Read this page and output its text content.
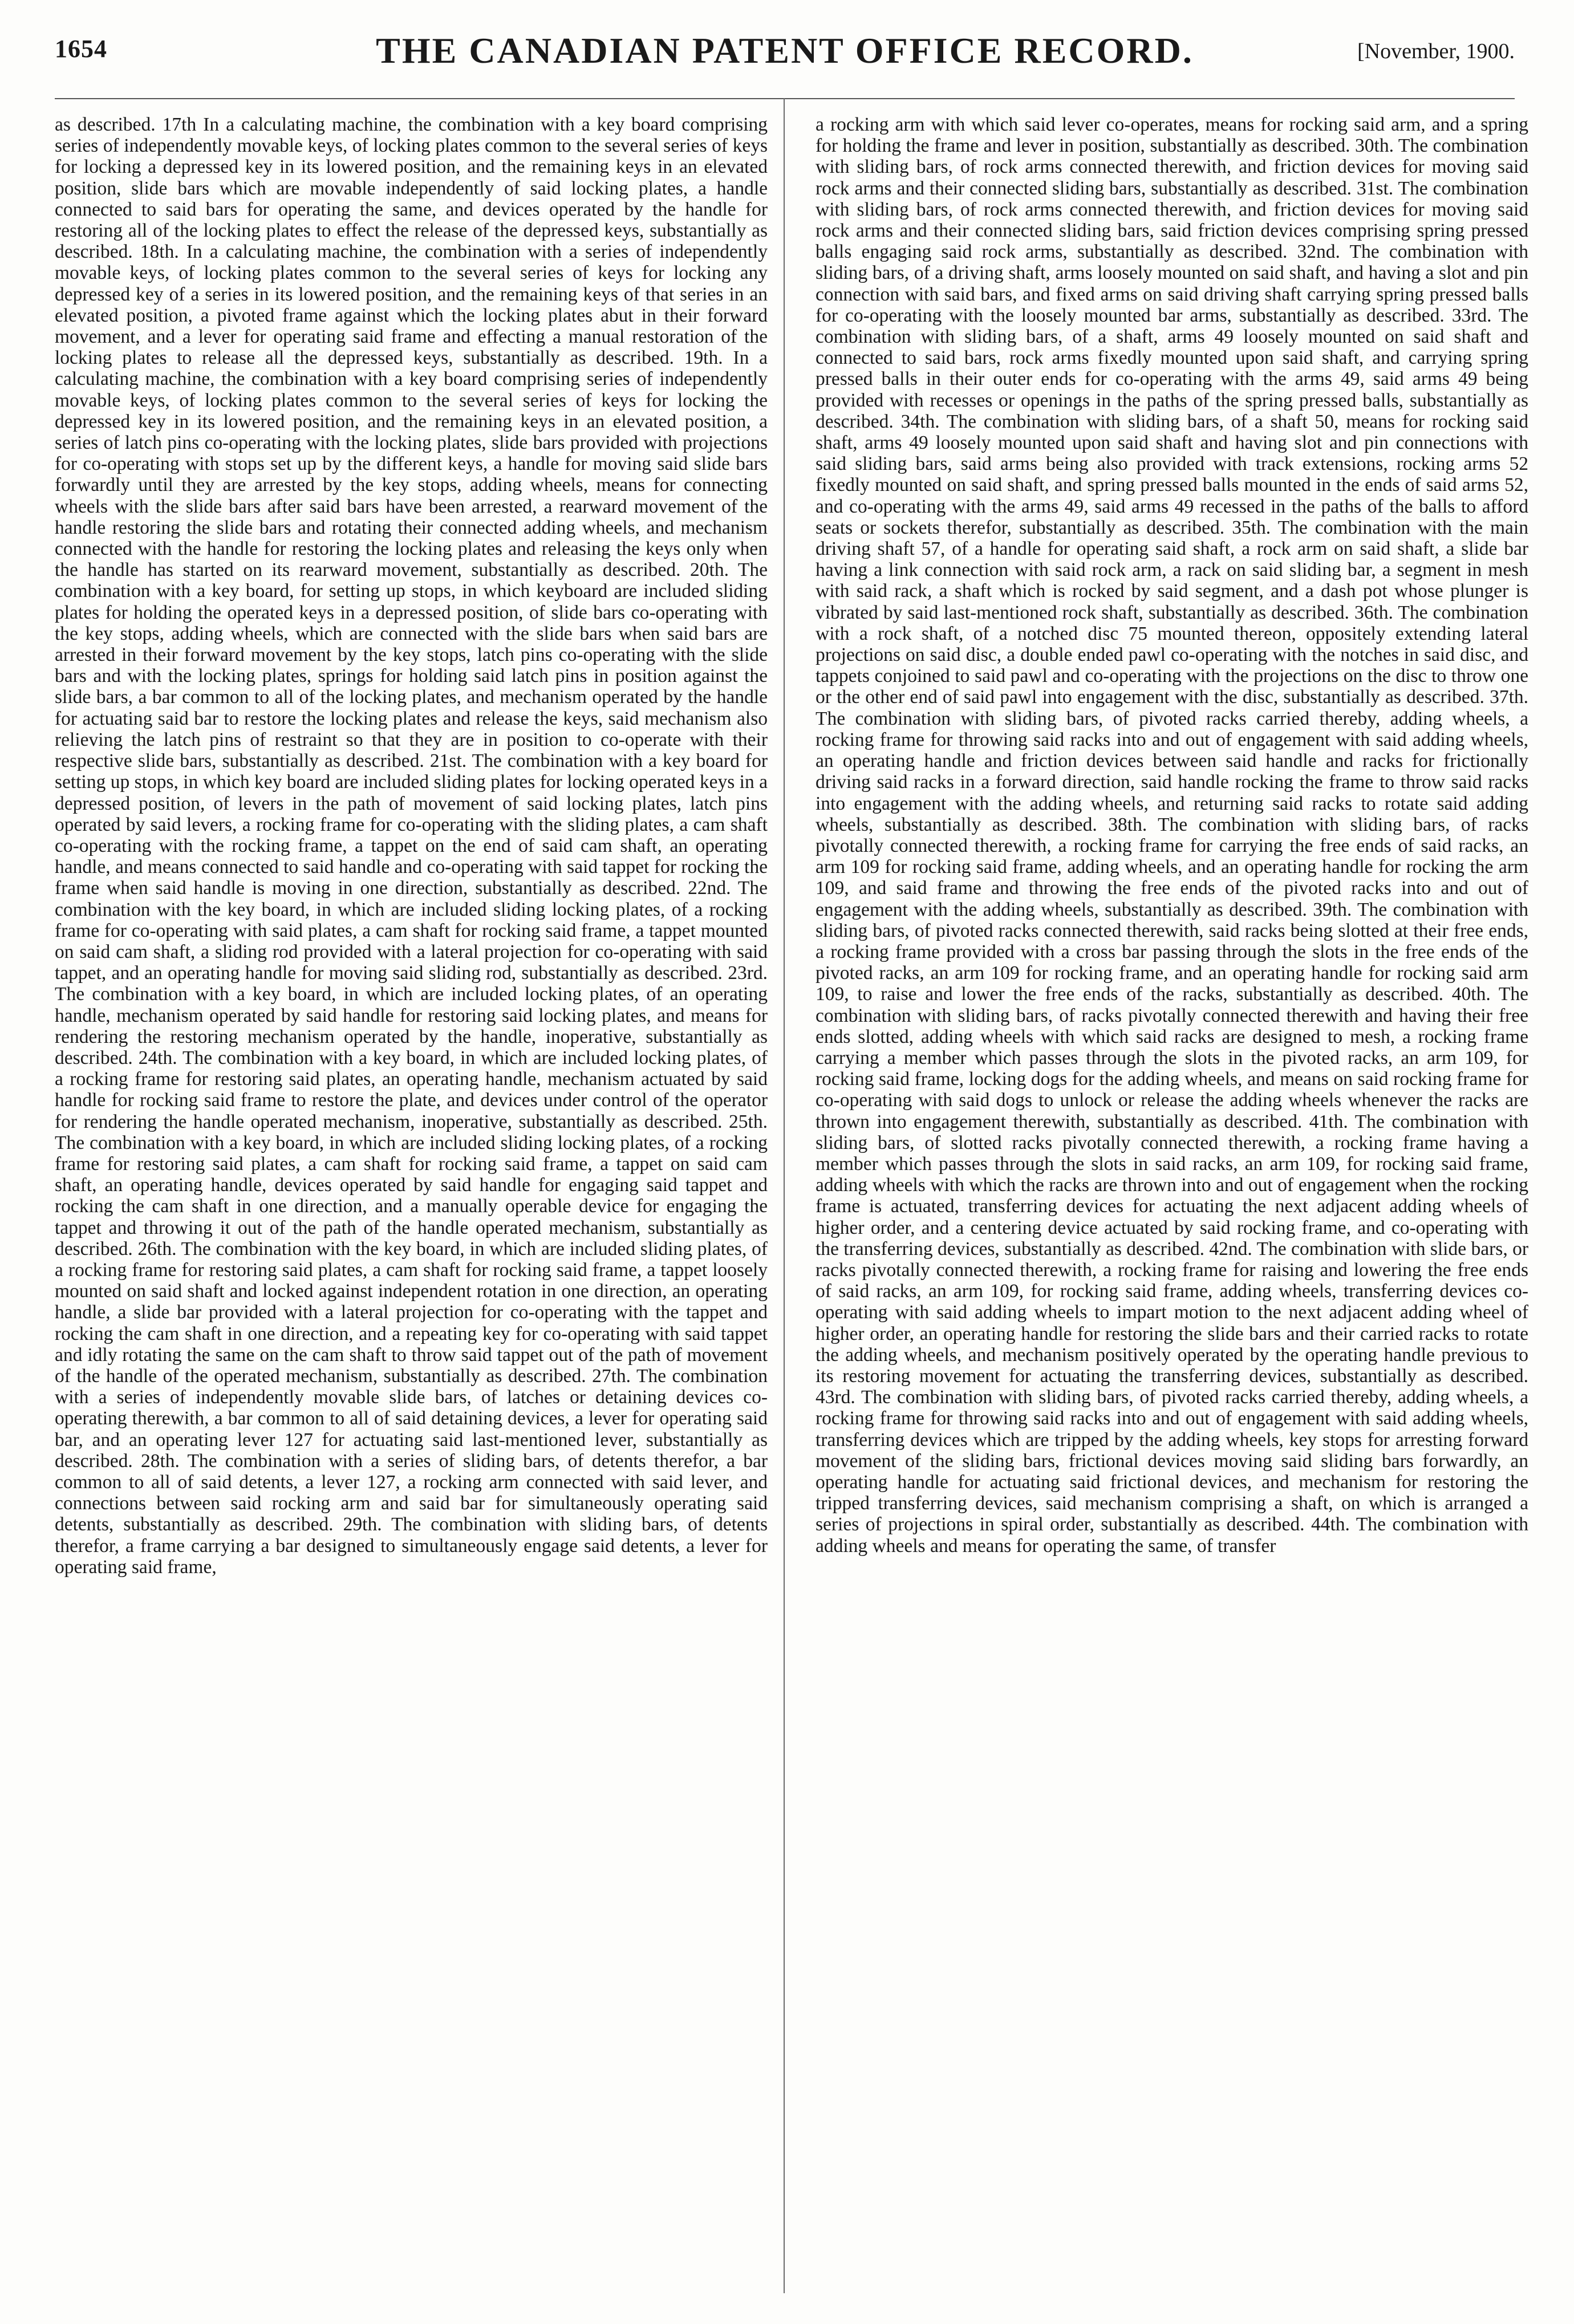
1654	THE CANADIAN PATENT OFFICE RECORD.	[November, 1900.
as described. 17th In a calculating machine, the combination with a key board comprising series of independently movable keys, of locking plates common to the several series of keys for locking a depressed key in its lowered position, and the remaining keys in an elevated position, slide bars which are movable independently of said locking plates, a handle connected to said bars for operating the same, and devices operated by the handle for restoring all of the locking plates to effect the release of the depressed keys, substantially as described. 18th. In a calculating machine, the combination with a series of independently movable keys, of locking plates common to the several series of keys for locking any depressed key of a series in its lowered position, and the remaining keys of that series in an elevated position, a pivoted frame against which the locking plates abut in their forward movement, and a lever for operating said frame and effecting a manual restoration of the locking plates to release all the depressed keys, substantially as described. 19th. In a calculating machine, the combination with a key board comprising series of independently movable keys, of locking plates common to the several series of keys for locking the depressed key in its lowered position, and the remaining keys in an elevated position, a series of latch pins co-operating with the locking plates, slide bars provided with projections for co-operating with stops set up by the different keys, a handle for moving said slide bars forwardly until they are arrested by the key stops, adding wheels, means for connecting wheels with the slide bars after said bars have been arrested, a rearward movement of the handle restoring the slide bars and rotating their connected adding wheels, and mechanism connected with the handle for restoring the locking plates and releasing the keys only when the handle has started on its rearward movement, substantially as described. 20th. The combination with a key board, for setting up stops, in which keyboard are included sliding plates for holding the operated keys in a depressed position, of slide bars co-operating with the key stops, adding wheels, which are connected with the slide bars when said bars are arrested in their forward movement by the key stops, latch pins co-operating with the slide bars and with the locking plates, springs for holding said latch pins in position against the slide bars, a bar common to all of the locking plates, and mechanism operated by the handle for actuating said bar to restore the locking plates and release the keys, said mechanism also relieving the latch pins of restraint so that they are in position to co-operate with their respective slide bars, substantially as described. 21st. The combination with a key board for setting up stops, in which key board are included sliding plates for locking operated keys in a depressed position, of levers in the path of movement of said locking plates, latch pins operated by said levers, a rocking frame for co-operating with the sliding plates, a cam shaft co-operating with the rocking frame, a tappet on the end of said cam shaft, an operating handle, and means connected to said handle and co-operating with said tappet for rocking the frame when said handle is moving in one direction, substantially as described. 22nd. The combination with the key board, in which are included sliding locking plates, of a rocking frame for co-operating with said plates, a cam shaft for rocking said frame, a tappet mounted on said cam shaft, a sliding rod provided with a lateral projection for co-operating with said tappet, and an operating handle for moving said sliding rod, substantially as described. 23rd. The combination with a key board, in which are included locking plates, of an operating handle, mechanism operated by said handle for restoring said locking plates, and means for rendering the restoring mechanism operated by the handle, inoperative, substantially as described. 24th. The combination with a key board, in which are included locking plates, of a rocking frame for restoring said plates, an operating handle, mechanism actuated by said handle for rocking said frame to restore the plate, and devices under control of the operator for rendering the handle operated mechanism, inoperative, substantially as described. 25th. The combination with a key board, in which are included sliding locking plates, of a rocking frame for restoring said plates, a cam shaft for rocking said frame, a tappet on said cam shaft, an operating handle, devices operated by said handle for engaging said tappet and rocking the cam shaft in one direction, and a manually operable device for engaging the tappet and throwing it out of the path of the handle operated mechanism, substantially as described. 26th. The combination with the key board, in which are included sliding plates, of a rocking frame for restoring said plates, a cam shaft for rocking said frame, a tappet loosely mounted on said shaft and locked against independent rotation in one direction, an operating handle, a slide bar provided with a lateral projection for co-operating with the tappet and rocking the cam shaft in one direction, and a repeating key for co-operating with said tappet and idly rotating the same on the cam shaft to throw said tappet out of the path of movement of the handle of the operated mechanism, substantially as described. 27th. The combination with a series of independently movable slide bars, of latches or detaining devices co-operating therewith, a bar common to all of said detaining devices, a lever for operating said bar, and an operating lever 127 for actuating said last-mentioned lever, substantially as described. 28th. The combination with a series of sliding bars, of detents therefor, a bar common to all of said detents, a lever 127, a rocking arm connected with said lever, and connections between said rocking arm and said bar for simultaneously operating said detents, substantially as described. 29th. The combination with sliding bars, of detents therefor, a frame carrying a bar designed to simultaneously engage said detents, a lever for operating said frame,
a rocking arm with which said lever co-operates, means for rocking said arm, and a spring for holding the frame and lever in position, substantially as described. 30th. The combination with sliding bars, of rock arms connected therewith, and friction devices for moving said rock arms and their connected sliding bars, substantially as described. 31st. The combination with sliding bars, of rock arms connected therewith, and friction devices for moving said rock arms and their connected sliding bars, said friction devices comprising spring pressed balls engaging said rock arms, substantially as described. 32nd. The combination with sliding bars, of a driving shaft, arms loosely mounted on said shaft, and having a slot and pin connection with said bars, and fixed arms on said driving shaft carrying spring pressed balls for co-operating with the loosely mounted bar arms, substantially as described. 33rd. The combination with sliding bars, of a shaft, arms 49 loosely mounted on said shaft and connected to said bars, rock arms fixedly mounted upon said shaft, and carrying spring pressed balls in their outer ends for co-operating with the arms 49, said arms 49 being provided with recesses or openings in the paths of the spring pressed balls, substantially as described. 34th. The combination with sliding bars, of a shaft 50, means for rocking said shaft, arms 49 loosely mounted upon said shaft and having slot and pin connections with said sliding bars, said arms being also provided with track extensions, rocking arms 52 fixedly mounted on said shaft, and spring pressed balls mounted in the ends of said arms 52, and co-operating with the arms 49, said arms 49 recessed in the paths of the balls to afford seats or sockets therefor, substantially as described. 35th. The combination with the main driving shaft 57, of a handle for operating said shaft, a rock arm on said shaft, a slide bar having a link connection with said rock arm, a rack on said sliding bar, a segment in mesh with said rack, a shaft which is rocked by said segment, and a dash pot whose plunger is vibrated by said last-mentioned rock shaft, substantially as described. 36th. The combination with a rock shaft, of a notched disc 75 mounted thereon, oppositely extending lateral projections on said disc, a double ended pawl co-operating with the notches in said disc, and tappets conjoined to said pawl and co-operating with the projections on the disc to throw one or the other end of said pawl into engagement with the disc, substantially as described. 37th. The combination with sliding bars, of pivoted racks carried thereby, adding wheels, a rocking frame for throwing said racks into and out of engagement with said adding wheels, an operating handle and friction devices between said handle and racks for frictionally driving said racks in a forward direction, said handle rocking the frame to throw said racks into engagement with the adding wheels, and returning said racks to rotate said adding wheels, substantially as described. 38th. The combination with sliding bars, of racks pivotally connected therewith, a rocking frame for carrying the free ends of said racks, an arm 109 for rocking said frame, adding wheels, and an operating handle for rocking the arm 109, and said frame and throwing the free ends of the pivoted racks into and out of engagement with the adding wheels, substantially as described. 39th. The combination with sliding bars, of pivoted racks connected therewith, said racks being slotted at their free ends, a rocking frame provided with a cross bar passing through the slots in the free ends of the pivoted racks, an arm 109 for rocking frame, and an operating handle for rocking said arm 109, to raise and lower the free ends of the racks, substantially as described. 40th. The combination with sliding bars, of racks pivotally connected therewith and having their free ends slotted, adding wheels with which said racks are designed to mesh, a rocking frame carrying a member which passes through the slots in the pivoted racks, an arm 109, for rocking said frame, locking dogs for the adding wheels, and means on said rocking frame for co-operating with said dogs to unlock or release the adding wheels whenever the racks are thrown into engagement therewith, substantially as described. 41th. The combination with sliding bars, of slotted racks pivotally connected therewith, a rocking frame having a member which passes through the slots in said racks, an arm 109, for rocking said frame, adding wheels with which the racks are thrown into and out of engagement when the rocking frame is actuated, transferring devices for actuating the next adjacent adding wheels of higher order, and a centering device actuated by said rocking frame, and co-operating with the transferring devices, substantially as described. 42nd. The combination with slide bars, or racks pivotally connected therewith, a rocking frame for raising and lowering the free ends of said racks, an arm 109, for rocking said frame, adding wheels, transferring devices co-operating with said adding wheels to impart motion to the next adjacent adding wheel of higher order, an operating handle for restoring the slide bars and their carried racks to rotate the adding wheels, and mechanism positively operated by the operating handle previous to its restoring movement for actuating the transferring devices, substantially as described. 43rd. The combination with sliding bars, of pivoted racks carried thereby, adding wheels, a rocking frame for throwing said racks into and out of engagement with said adding wheels, transferring devices which are tripped by the adding wheels, key stops for arresting forward movement of the sliding bars, frictional devices moving said sliding bars forwardly, an operating handle for actuating said frictional devices, and mechanism for restoring the tripped transferring devices, said mechanism comprising a shaft, on which is arranged a series of projections in spiral order, substantially as described. 44th. The combination with adding wheels and means for operating the same, of transfer
